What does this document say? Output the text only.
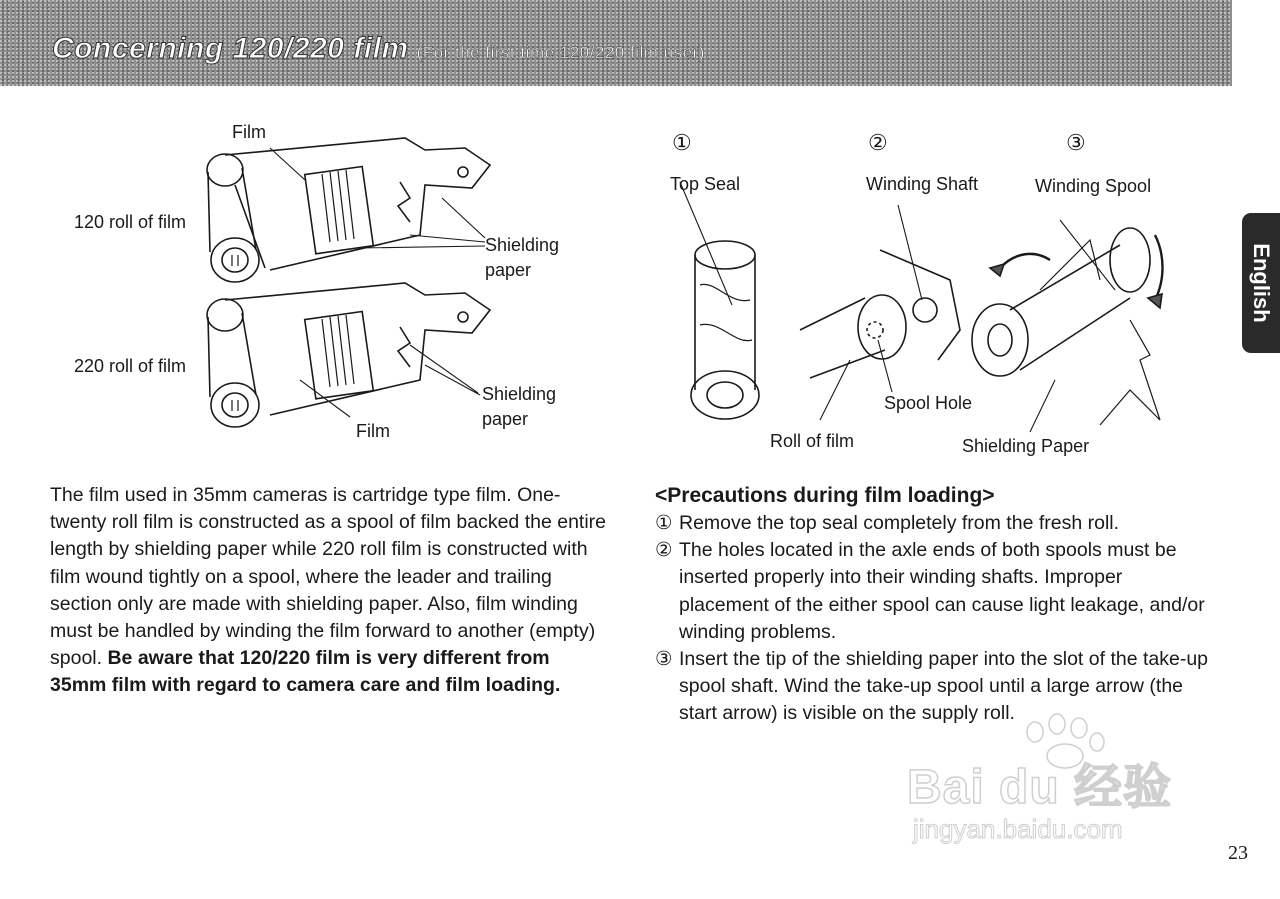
Concerning 120/220 film (For the first time 120/220 film user).
English
Film
120 roll of film
Shielding
paper
220 roll of film
Shielding
paper
Film
①	②	③
Top Seal	Winding Shaft	Winding Spool
Spool Hole
Roll of film	Shielding Paper
The film used in 35mm cameras is cartridge type film. One-twenty roll film is constructed as a spool of film backed the entire length by shielding paper while 220 roll film is constructed with film wound tightly on a spool, where the leader and trailing section only are made with shielding paper. Also, film winding must be handled by winding the film forward to another (empty) spool. Be aware that 120/220 film is very different from 35mm film with regard to camera care and film loading.
<Precautions during film loading>
① Remove the top seal completely from the fresh roll.
② The holes located in the axle ends of both spools must be inserted properly into their winding shafts. Improper placement of the either spool can cause light leakage, and/or winding problems.
③ Insert the tip of the shielding paper into the slot of the take-up spool shaft. Wind the take-up spool until a large arrow (the start arrow) is visible on the supply roll.
Bai du 经验
jingyan.baidu.com
23
